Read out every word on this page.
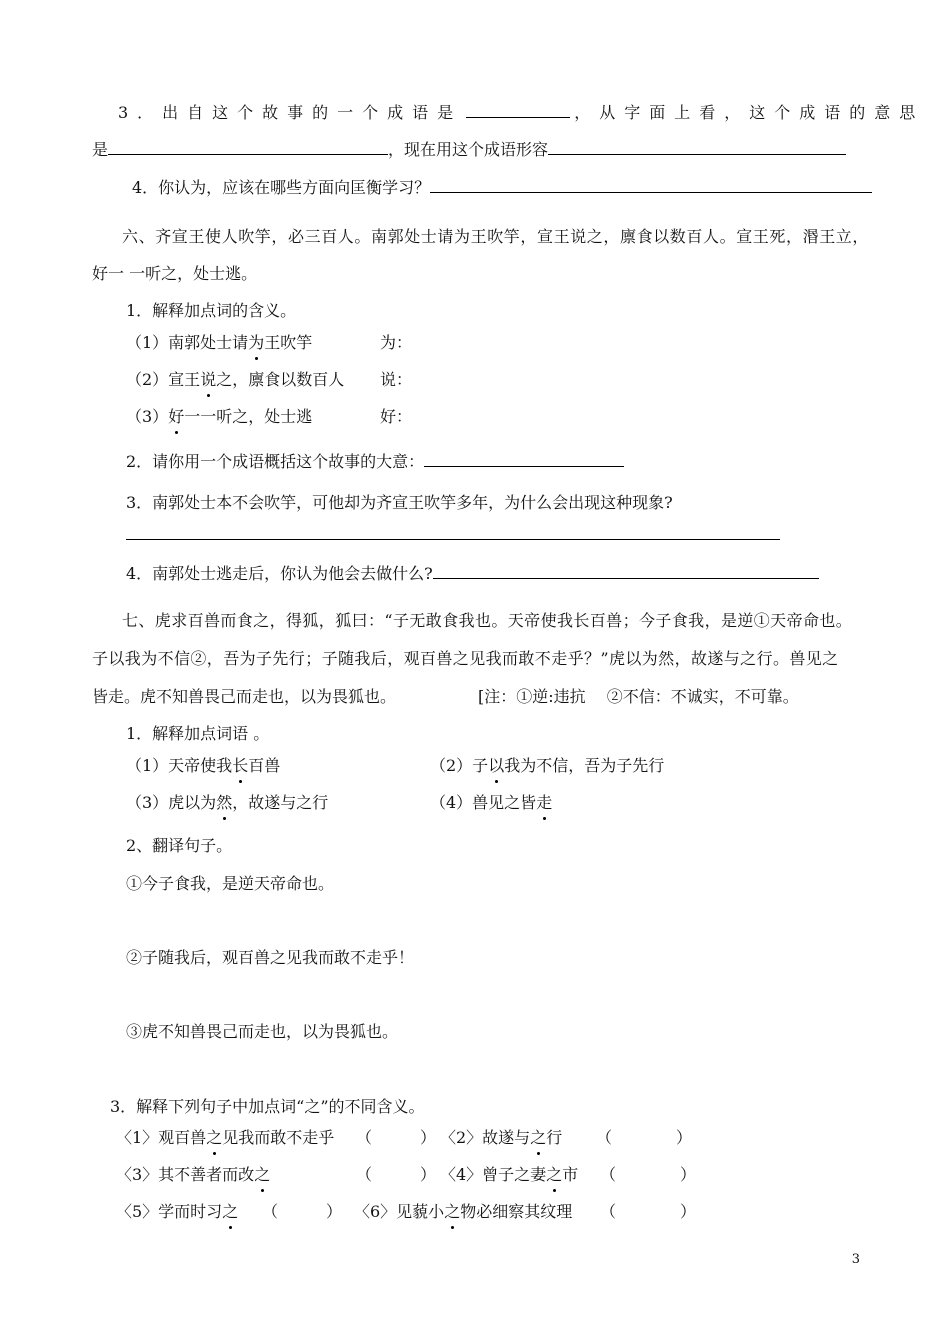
3．出自这个故事的一个成语是	，从字面上看，这个成语的意思
是	，现在用这个成语形容
4．你认为，应该在哪些方面向匡衡学习？
六、齐宣王使人吹竽，必三百人。南郭处士请为王吹竽，宣王说之，廪食以数百人。宣王死，湣王立，
好一 一听之，处士逃。
1．解释加点词的含义。
（1）南郭处士请为王吹竽	为：
（2）宣王说之，廪食以数百人 说：
（3）好一一听之，处士逃	好：
2．请你用一个成语概括这个故事的大意：
3．南郭处士本不会吹竽，可他却为齐宣王吹竽多年，为什么会出现这种现象?
4．南郭处士逃走后，你认为他会去做什么?
七、虎求百兽而食之，得狐，狐曰：“子无敢食我也。天帝使我长百兽；今子食我，是逆①天帝命也。
子以我为不信②，吾为子先行；子随我后，观百兽之见我而敢不走乎？”虎以为然，故遂与之行。兽见之
皆走。虎不知兽畏己而走也，以为畏狐也。	[注：①逆:违抗　 ②不信：不诚实，不可靠。
1．解释加点词语 。
（1）天帝使我长百兽	（2）子以我为不信，吾为子先行
（3）虎以为然，故遂与之行	（4）兽见之皆走
2、翻译句子。
①今子食我，是逆天帝命也。
②子随我后，观百兽之见我而敢不走乎！
③虎不知兽畏己而走也，以为畏狐也。
3．解释下列句子中加点词“之”的不同含义。
〈1〉观百兽之见我而敢不走乎 （　　　） 〈2〉故遂与之行 （　　　　）
〈3〉其不善者而改之	（　　　） 〈4〉曾子之妻之市 （　　　　）
〈5〉学而时习之 （　　　） 〈6〉见藐小之物必细察其纹理 （　　　　）
3
